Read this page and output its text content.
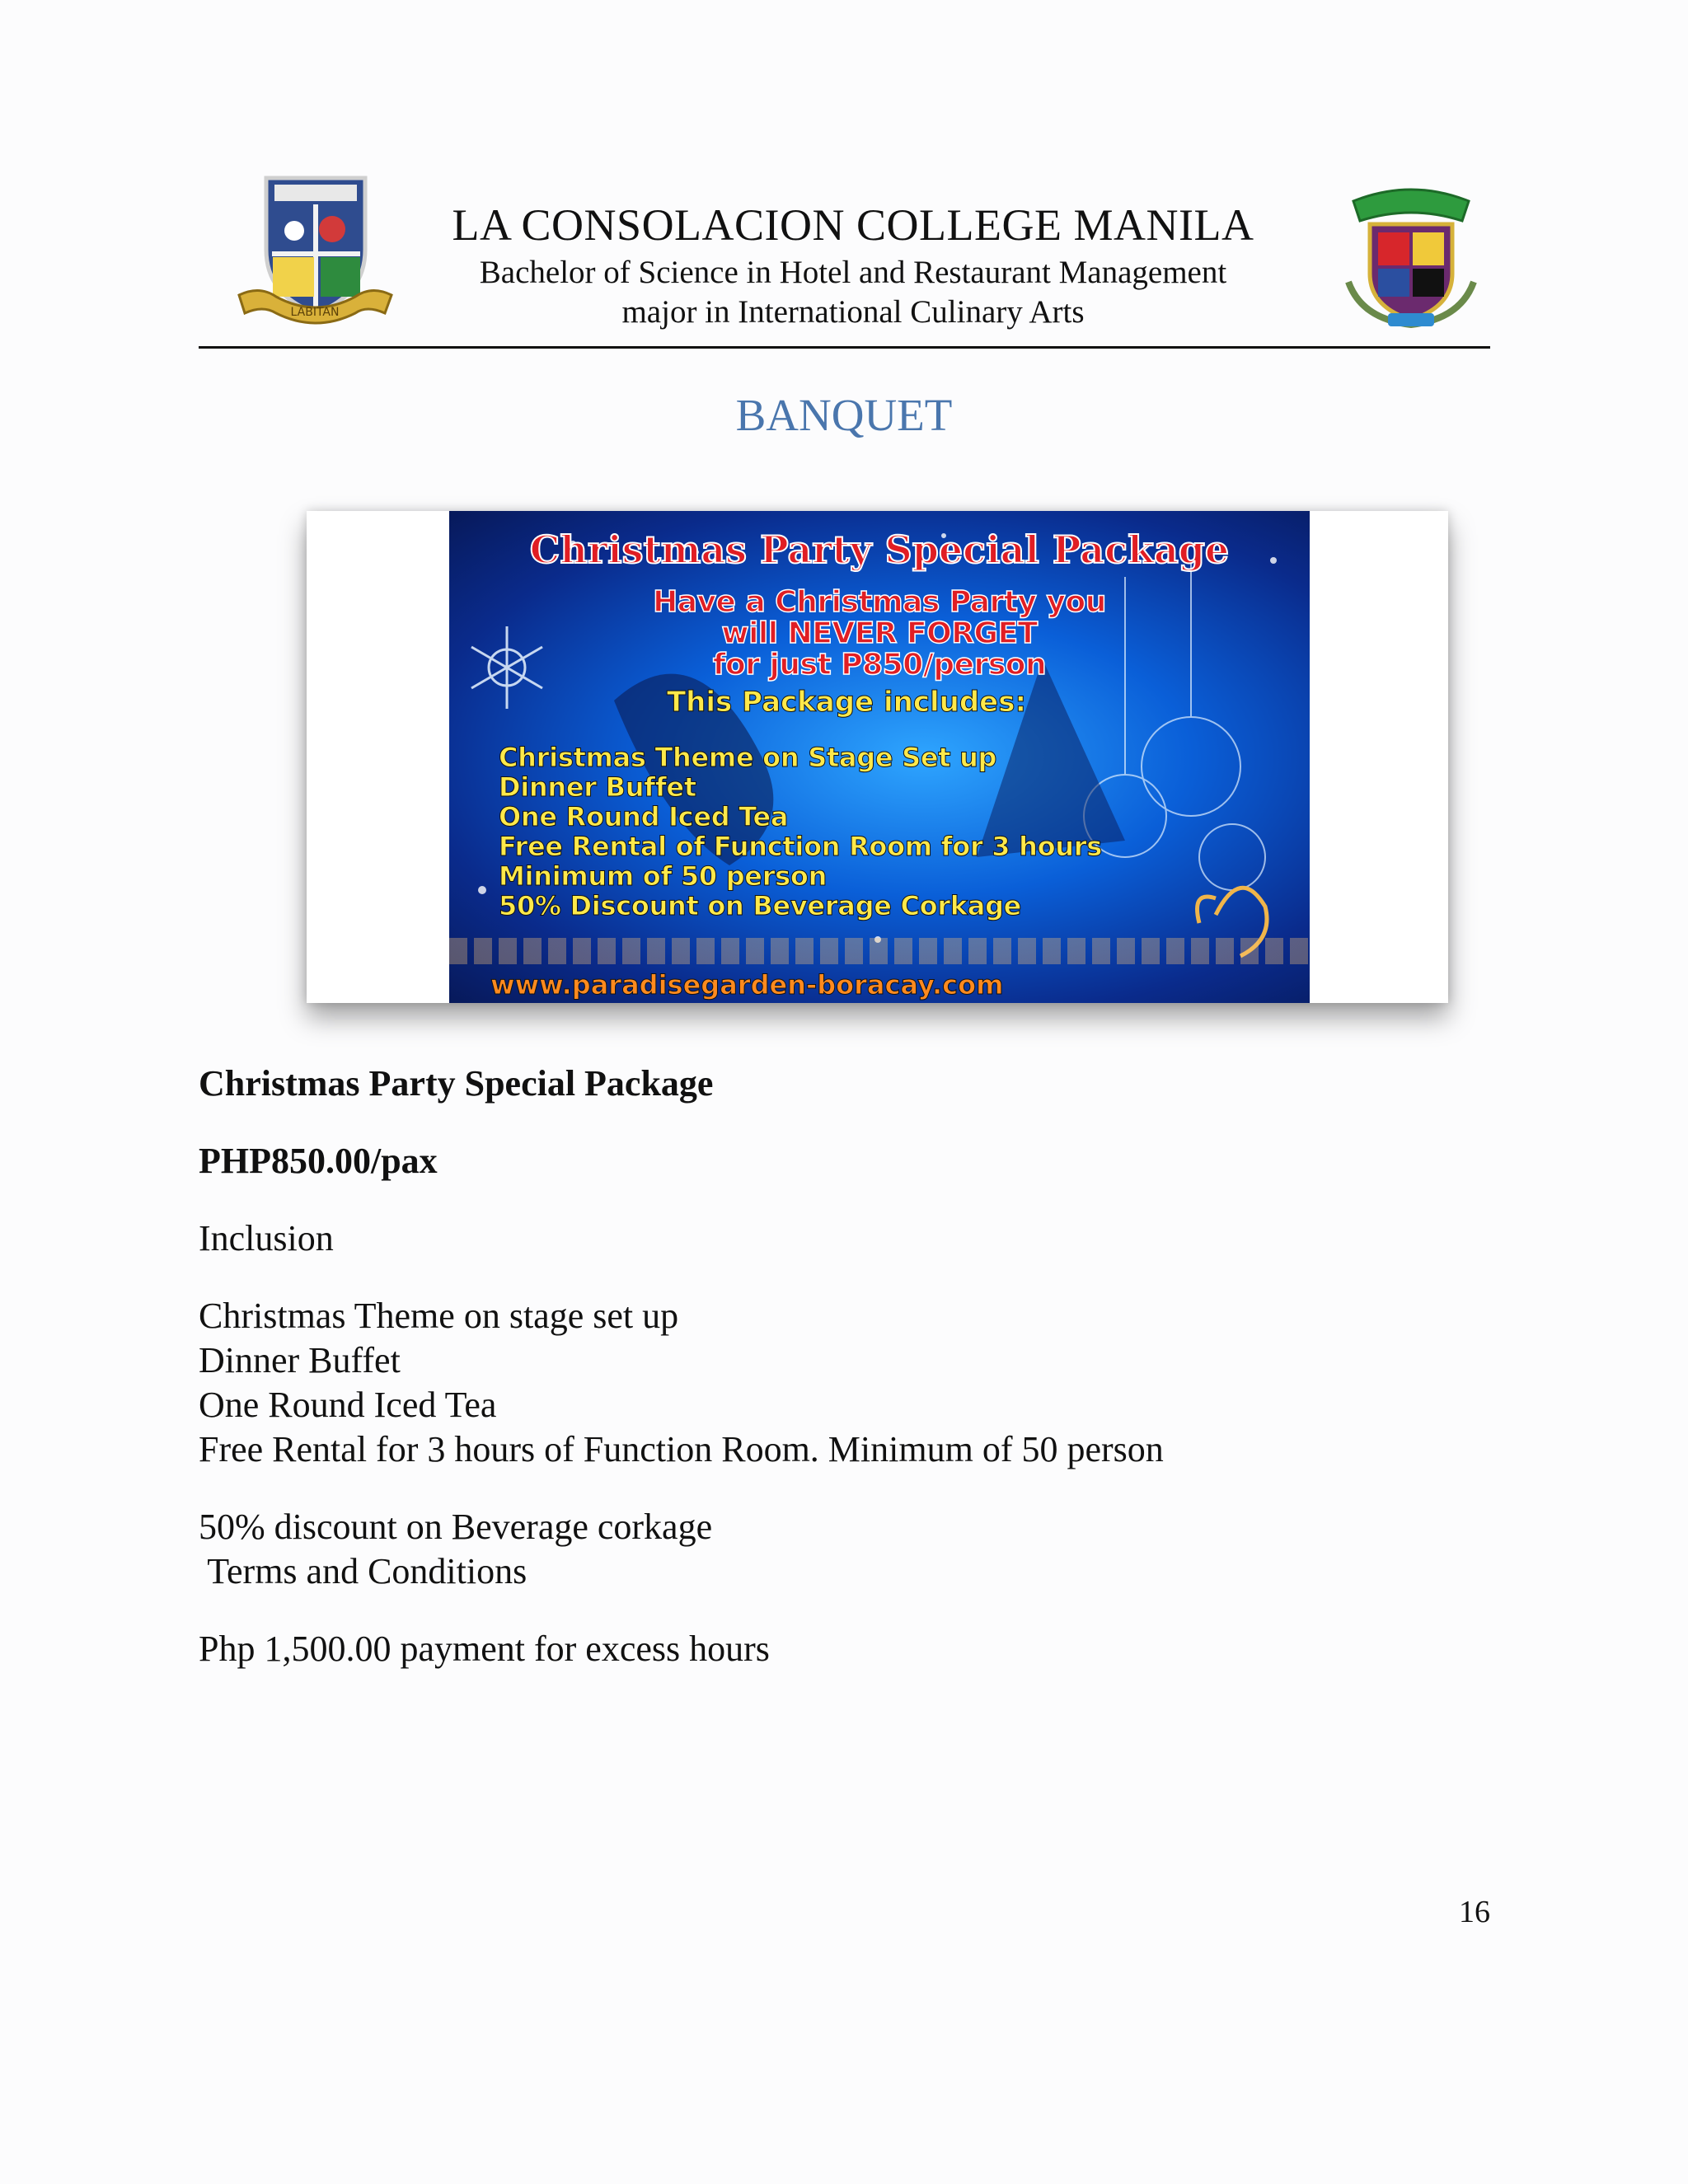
LABITAN
LA CONSOLACION COLLEGE MANILA
Bachelor of Science in Hotel and Restaurant Management
major in International Culinary Arts
BANQUET
Christmas Party Special Package
Have a Christmas Party you
will NEVER FORGET
for just P850/person
This Package includes:
Christmas Theme on Stage Set up
Dinner Buffet
One Round Iced Tea
Free Rental of Function Room for 3 hours
Minimum of 50 person
50% Discount on Beverage Corkage
www.paradisegarden-boracay.com
Christmas Party Special Package
PHP850.00/pax
Inclusion
Christmas Theme on stage set up
Dinner Buffet
One Round Iced Tea
Free Rental for 3 hours of Function Room. Minimum of 50 person
50% discount on Beverage corkage
Terms and Conditions
Php 1,500.00 payment for excess hours
16
